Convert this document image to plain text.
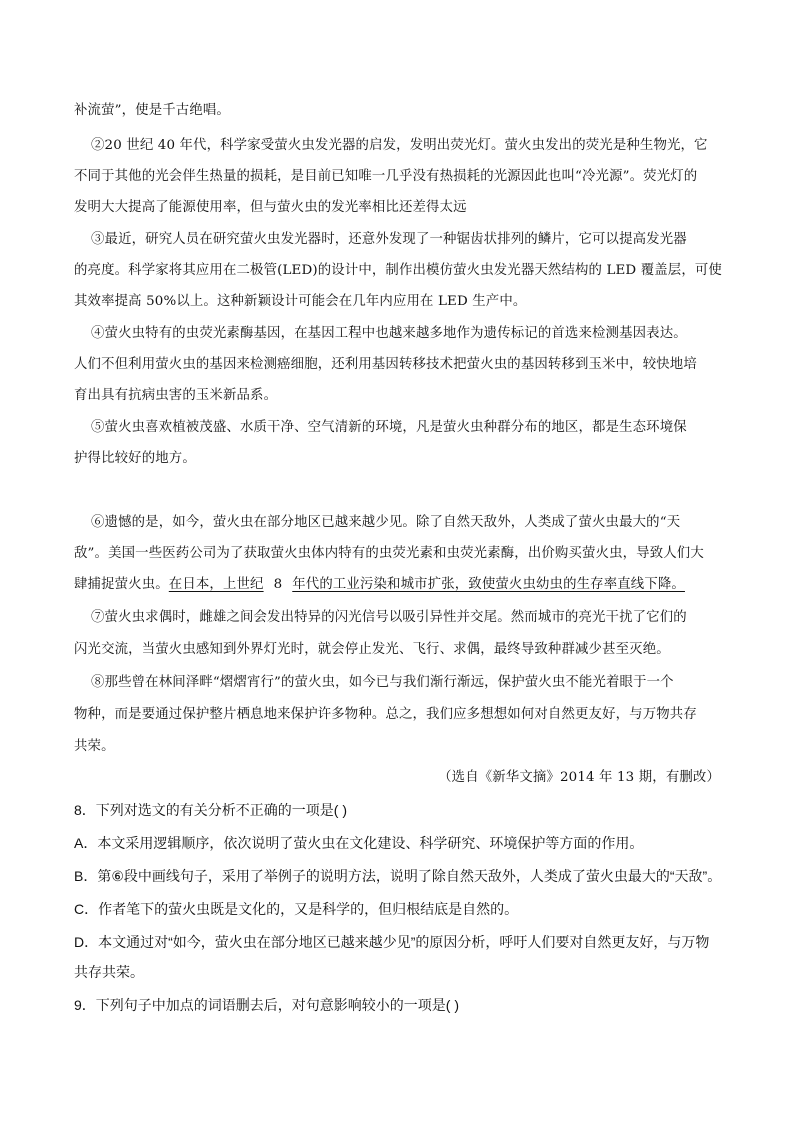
补流萤”，使是千古绝唱。
②20 世纪 40 年代，科学家受萤火虫发光器的启发，发明出荧光灯。萤火虫发出的荧光是种生物光，它
不同于其他的光会伴生热量的损耗，是目前已知唯一几乎没有热损耗的光源因此也叫“冷光源”。荧光灯的
发明大大提高了能源使用率，但与萤火虫的发光率相比还差得太远
③最近，研究人员在研究萤火虫发光器时，还意外发现了一种锯齿状排列的鳞片，它可以提高发光器
的亮度。科学家将其应用在二极管(LED)的设计中，制作出模仿萤火虫发光器天然结构的 LED 覆盖层，可使
其效率提高 50%以上。这种新颖设计可能会在几年内应用在 LED 生产中。
④萤火虫特有的虫荧光素酶基因，在基因工程中也越来越多地作为遗传标记的首选来检测基因表达。
人们不但利用萤火虫的基因来检测癌细胞，还利用基因转移技术把萤火虫的基因转移到玉米中，较快地培
育出具有抗病虫害的玉米新品系。
⑤萤火虫喜欢植被茂盛、水质干净、空气清新的环境，凡是萤火虫种群分布的地区，都是生态环境保
护得比较好的地方。
⑥遗憾的是，如今，萤火虫在部分地区已越来越少见。除了自然天敌外，人类成了萤火虫最大的“天
敌”。美国一些医药公司为了获取萤火虫体内特有的虫荧光素和虫荧光素酶，出价购买萤火虫，导致人们大
肆捕捉萤火虫。在日本，上世纪 8 年代的工业污染和城市扩张，致使萤火虫幼虫的生存率直线下降。
⑦萤火虫求偶时，雌雄之间会发出特异的闪光信号以吸引异性并交尾。然而城市的亮光干扰了它们的
闪光交流，当萤火虫感知到外界灯光时，就会停止发光、飞行、求偶，最终导致种群减少甚至灭绝。
⑧那些曾在林间泽畔“熠熠宵行”的萤火虫，如今已与我们渐行渐远，保护萤火虫不能光着眼于一个
物种，而是要通过保护整片栖息地来保护许多物种。总之，我们应多想想如何对自然更友好，与万物共存
共荣。
（选自《新华文摘》2014 年 13 期，有删改）
8．下列对选文的有关分析不正确的一项是( )
A．本文采用逻辑顺序，依次说明了萤火虫在文化建设、科学研究、环境保护等方面的作用。
B．第⑥段中画线句子，采用了举例子的说明方法，说明了除自然天敌外，人类成了萤火虫最大的“天敌”。
C．作者笔下的萤火虫既是文化的，又是科学的，但归根结底是自然的。
D．本文通过对“如今，萤火虫在部分地区已越来越少见”的原因分析，呼吁人们要对自然更友好，与万物
共存共荣。
9．下列句子中加点的词语删去后，对句意影响较小的一项是( )
